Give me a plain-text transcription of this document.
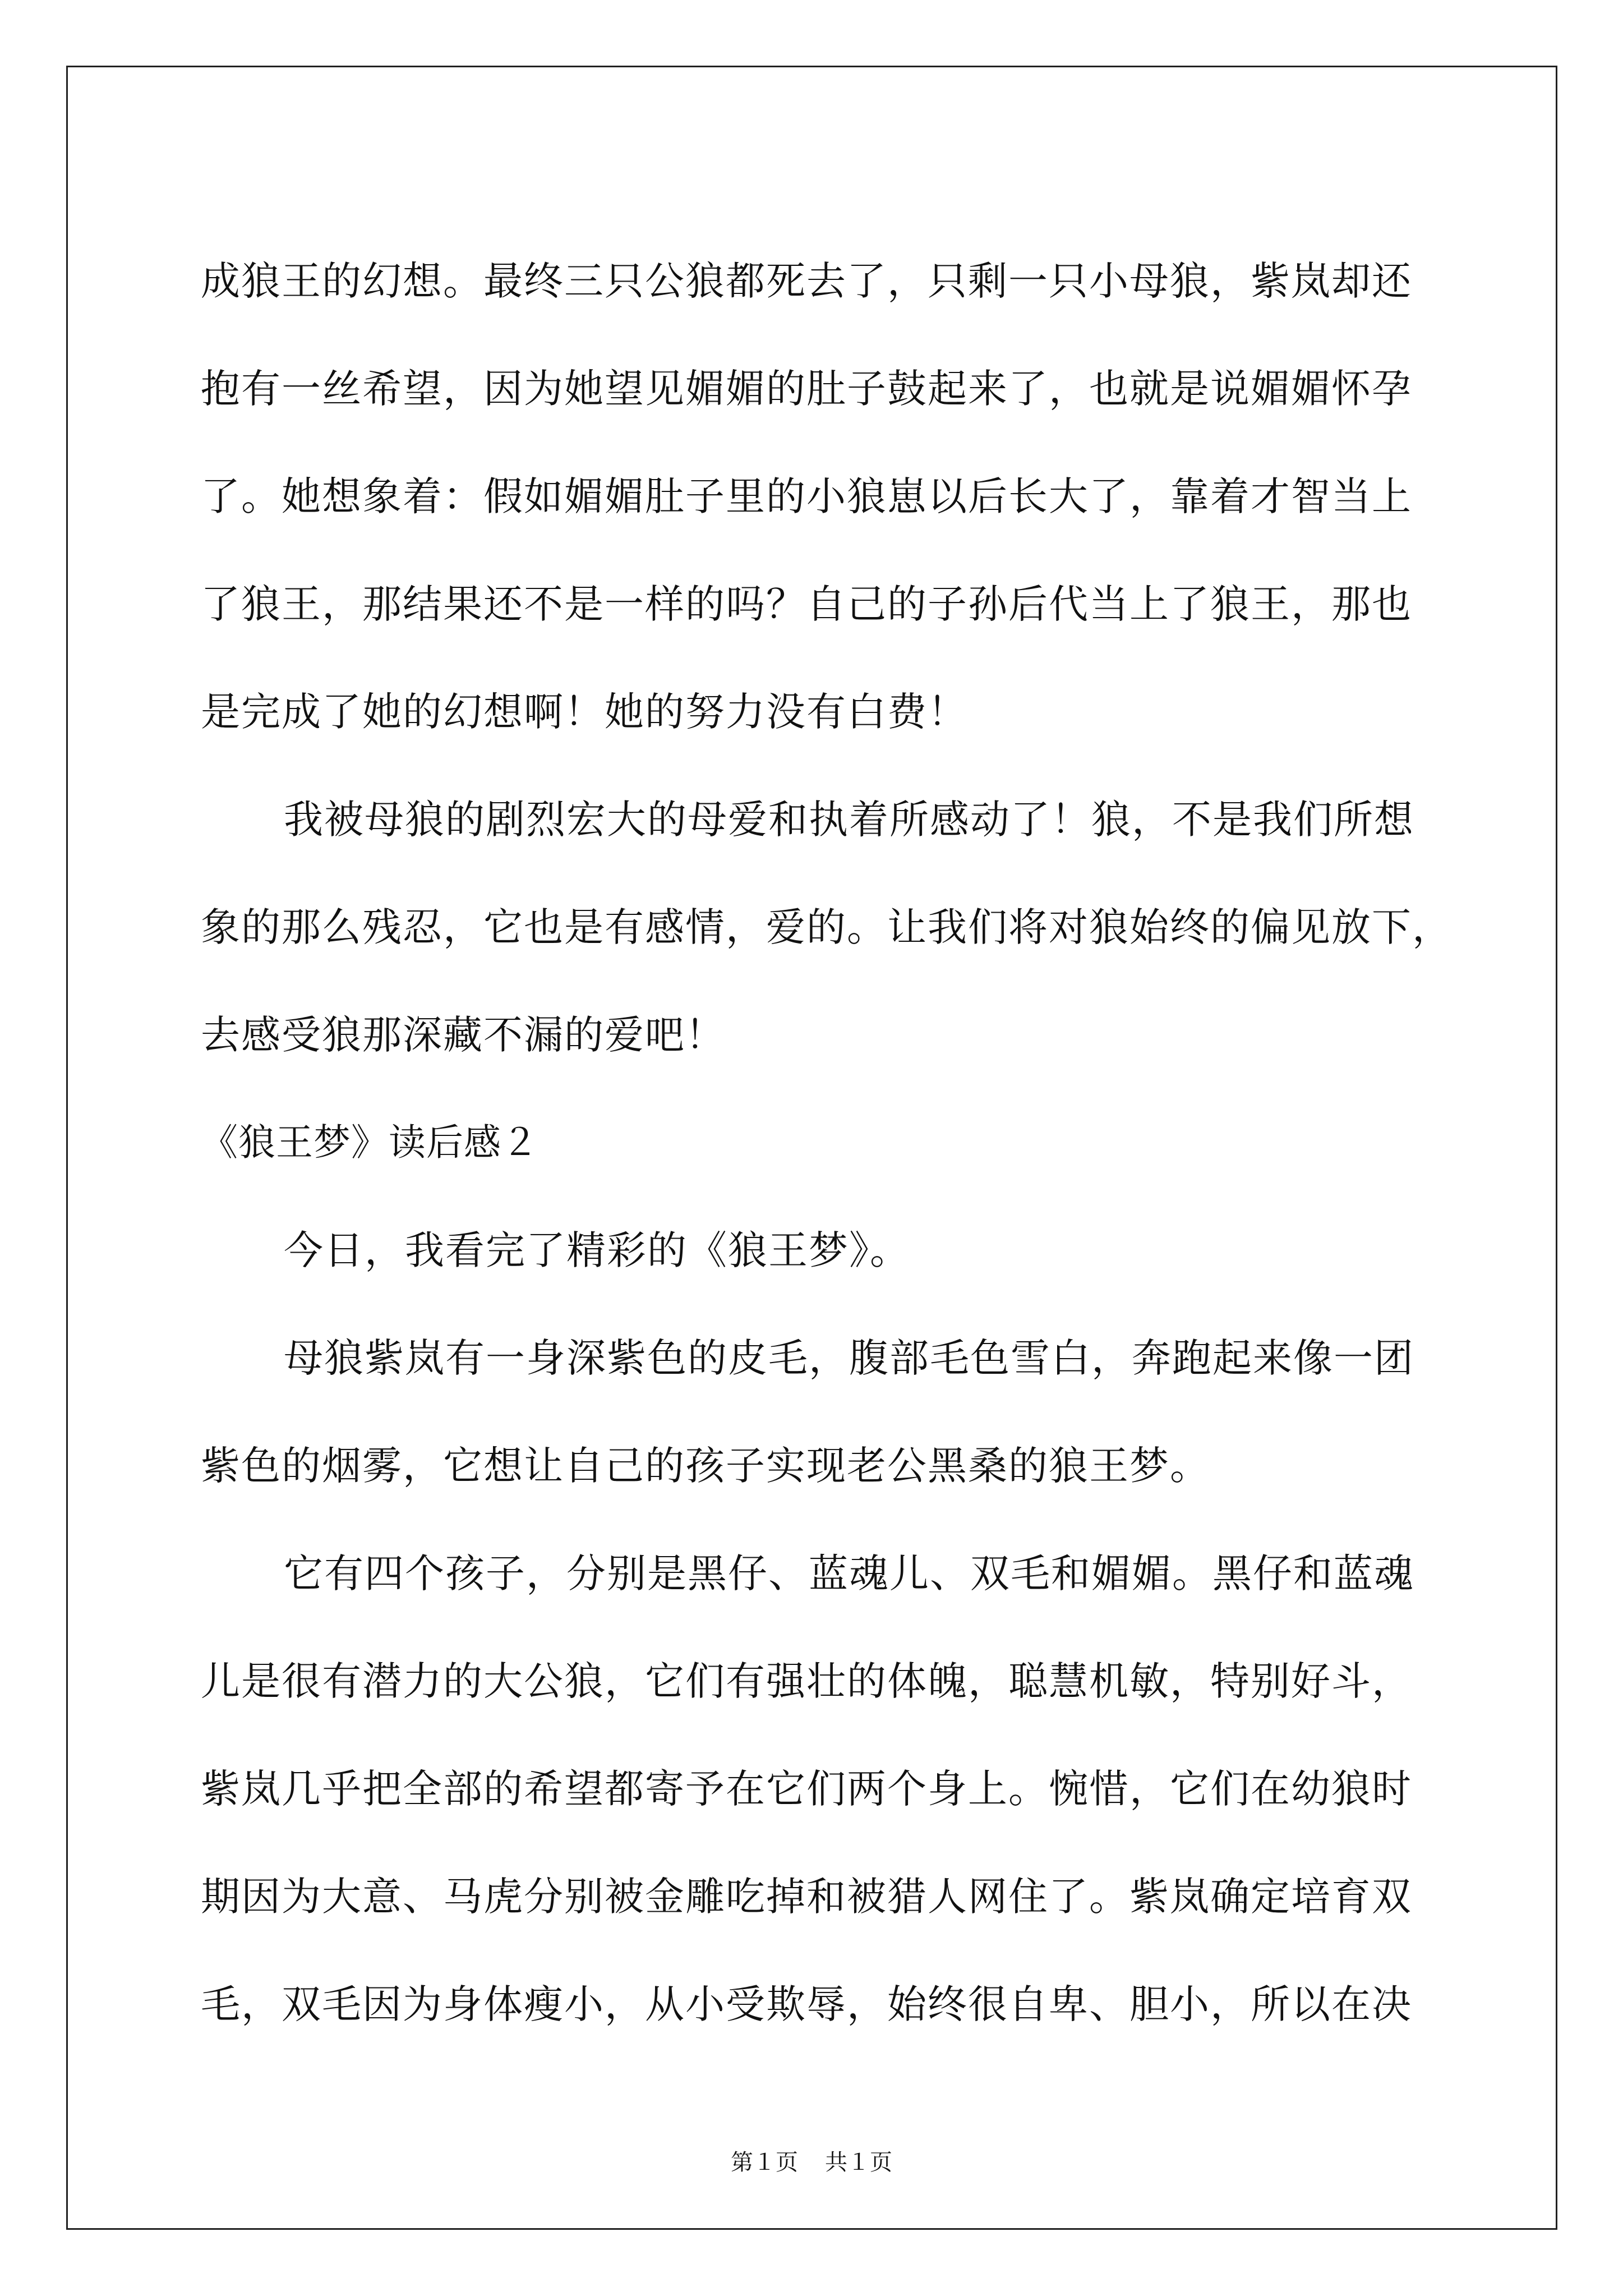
成狼王的幻想。最终三只公狼都死去了，只剩一只小母狼，紫岚却还
抱有一丝希望，因为她望见媚媚的肚子鼓起来了，也就是说媚媚怀孕
了。她想象着：假如媚媚肚子里的小狼崽以后长大了，靠着才智当上
了狼王，那结果还不是一样的吗？自己的子孙后代当上了狼王，那也
是完成了她的幻想啊！她的努力没有白费！
我被母狼的剧烈宏大的母爱和执着所感动了！狼，不是我们所想
象的那么残忍，它也是有感情，爱的。让我们将对狼始终的偏见放下，
去感受狼那深藏不漏的爱吧！
《狼王梦》读后感２
今日，我看完了精彩的《狼王梦》。
母狼紫岚有一身深紫色的皮毛，腹部毛色雪白，奔跑起来像一团
紫色的烟雾，它想让自己的孩子实现老公黑桑的狼王梦。
它有四个孩子，分别是黑仔、蓝魂儿、双毛和媚媚。黑仔和蓝魂
儿是很有潜力的大公狼，它们有强壮的体魄，聪慧机敏，特别好斗，
紫岚几乎把全部的希望都寄予在它们两个身上。惋惜，它们在幼狼时
期因为大意、马虎分别被金雕吃掉和被猎人网住了。紫岚确定培育双
毛，双毛因为身体瘦小，从小受欺辱，始终很自卑、胆小，所以在决
第１页 共１页
